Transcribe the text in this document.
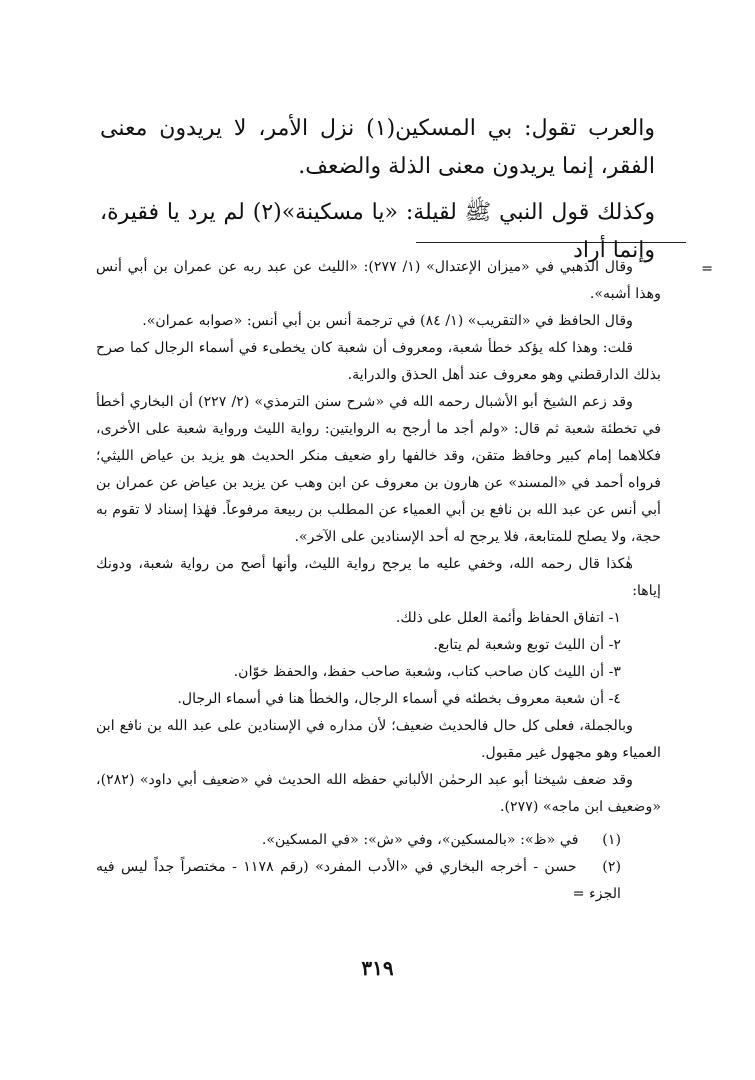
والعرب تقول: بي المسكين(١) نزل الأمر، لا يريدون معنى الفقر، إنما يريدون معنى الذلة والضعف.

وكذلك قول النبي ﷺ لقيلة: «يا مسكينة»(٢) لم يرد يا فقيرة، وإنما أراد

=

وقال الذهبي في «ميزان الإعتدال» (١/ ٢٧٧): «الليث عن عبد ربه عن عمران بن أبي أنس وهذا أشبه».

وقال الحافظ في «التقريب» (١/ ٨٤) في ترجمة أنس بن أبي أنس: «صوابه عمران».

قلت: وهذا كله يؤكد خطأ شعبة، ومعروف أن شعبة كان يخطىء في أسماء الرجال كما صرح بذلك الدارقطني وهو معروف عند أهل الحذق والدراية.

وقد زعم الشيخ أبو الأشبال رحمه الله في «شرح سنن الترمذي» (٢/ ٢٢٧) أن البخاري أخطأ في تخطئة شعبة ثم قال: «ولم أجد ما أرجح به الروايتين: رواية الليث ورواية شعبة على الأخرى، فكلاهما إمام كبير وحافظ متقن، وقد خالفها راو ضعيف منكر الحديث هو يزيد بن عياض الليثي؛ فرواه أحمد في «المسند» عن هارون بن معروف عن ابن وهب عن يزيد بن عياض عن عمران بن أبي أنس عن عبد الله بن نافع بن أبي العمياء عن المطلب بن ربيعة مرفوعاً. فهٰذا إسناد لا تقوم به حجة، ولا يصلح للمتابعة، فلا يرجح له أحد الإسنادين على الآخر».

هٰكذا قال رحمه الله، وخفي عليه ما يرجح رواية الليث، وأنها أصح من رواية شعبة، ودونك إياها:

١- اتفاق الحفاظ وأئمة العلل على ذلك.

٢- أن الليث توبع وشعبة لم يتابع.

٣- أن الليث كان صاحب كتاب، وشعبة صاحب حفظ، والحفظ خوّان.

٤- أن شعبة معروف بخطئه في أسماء الرجال، والخطأ هنا في أسماء الرجال.

وبالجملة، فعلى كل حال فالحديث ضعيف؛ لأن مداره في الإسنادين على عبد الله بن نافع ابن العمياء وهو مجهول غير مقبول.

وقد ضعف شيخنا أبو عبد الرحمٰن الألباني حفظه الله الحديث في «ضعيف أبي داود» (٢٨٢)، «وضعيف ابن ماجه» (٢٧٧).

(١) في «ظ»: «بالمسكين»، وفي «ش»: «في المسكين».

(٢) حسن - أخرجه البخاري في «الأدب المفرد» (رقم ١١٧٨ - مختصراً جداً ليس فيه الجزء =

٣١٩
